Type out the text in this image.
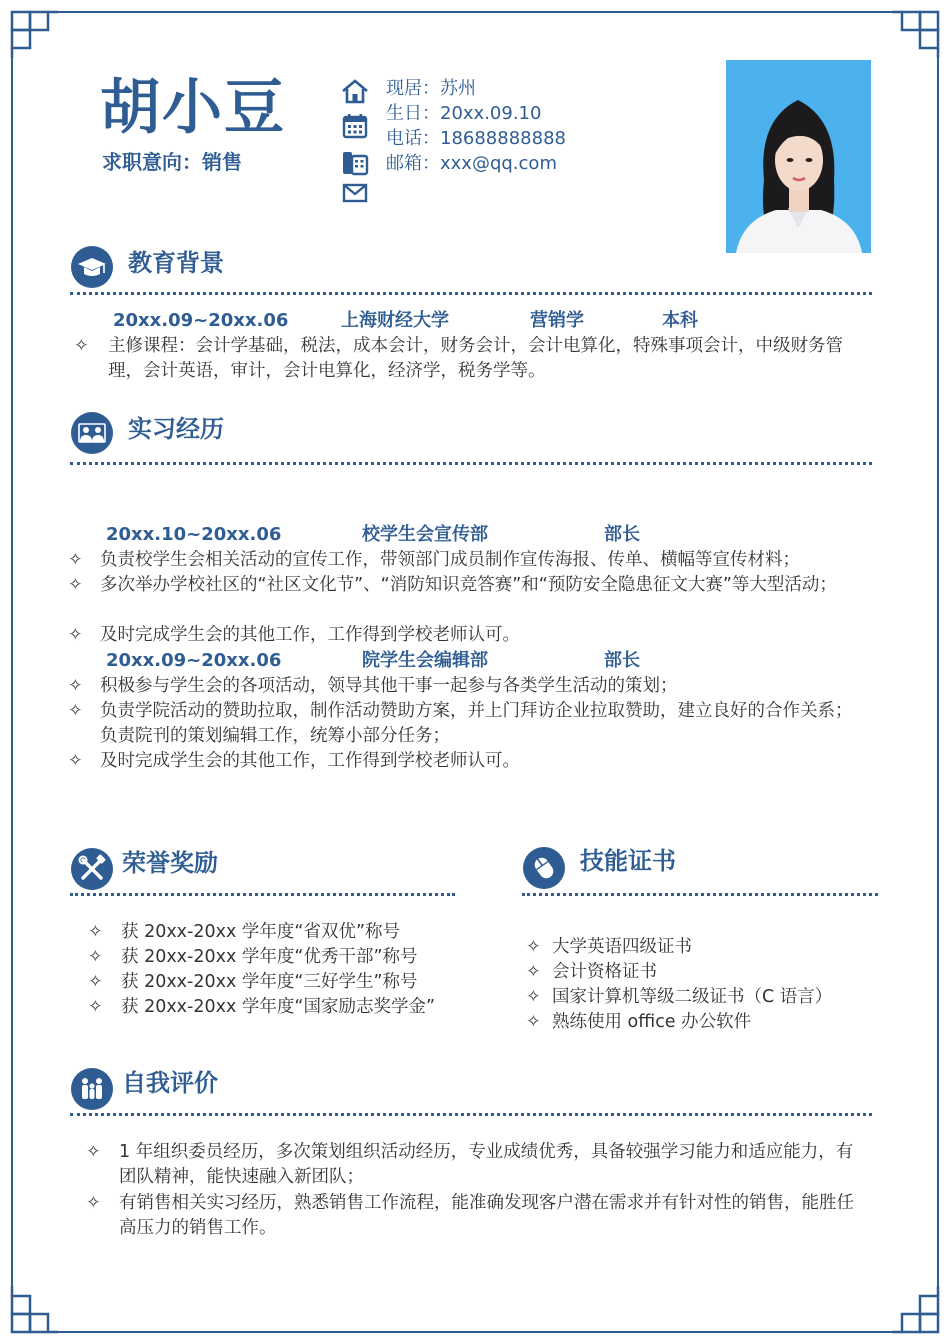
胡小豆
求职意向：销售
现居：苏州
生日：20xx.09.10
电话：18688888888
邮箱：xxx@qq.com
教育背景
20xx.09~20xx.06	上海财经大学	营销学	本科
✧	主修课程：会计学基础，税法，成本会计，财务会计，会计电算化，特殊事项会计，中级财务管理，会计英语，审计，会计电算化，经济学，税务学等。
实习经历
20xx.10~20xx.06	校学生会宣传部	部长
✧ 负责校学生会相关活动的宣传工作，带领部门成员制作宣传海报、传单、横幅等宣传材料；
✧ 多次举办学校社区的“社区文化节”、“消防知识竞答赛”和“预防安全隐患征文大赛”等大型活动；
✧ 及时完成学生会的其他工作，工作得到学校老师认可。
20xx.09~20xx.06	院学生会编辑部	部长
✧ 积极参与学生会的各项活动，领导其他干事一起参与各类学生活动的策划；
✧ 负责学院活动的赞助拉取，制作活动赞助方案，并上门拜访企业拉取赞助，建立良好的合作关系；负责院刊的策划编辑工作，统筹小部分任务；
✧ 及时完成学生会的其他工作，工作得到学校老师认可。
荣誉奖励
✧	获 20xx-20xx 学年度“省双优”称号
✧	获 20xx-20xx 学年度“优秀干部”称号
✧	获 20xx-20xx 学年度“三好学生”称号
✧	获 20xx-20xx 学年度“国家励志奖学金”
技能证书
✧ 大学英语四级证书
✧ 会计资格证书
✧ 国家计算机等级二级证书（C 语言）
✧ 熟练使用 office 办公软件
自我评价
✧	1 年组织委员经历，多次策划组织活动经历，专业成绩优秀，具备较强学习能力和适应能力，有团队精神，能快速融入新团队；
✧	有销售相关实习经历，熟悉销售工作流程，能准确发现客户潜在需求并有针对性的销售，能胜任高压力的销售工作。
